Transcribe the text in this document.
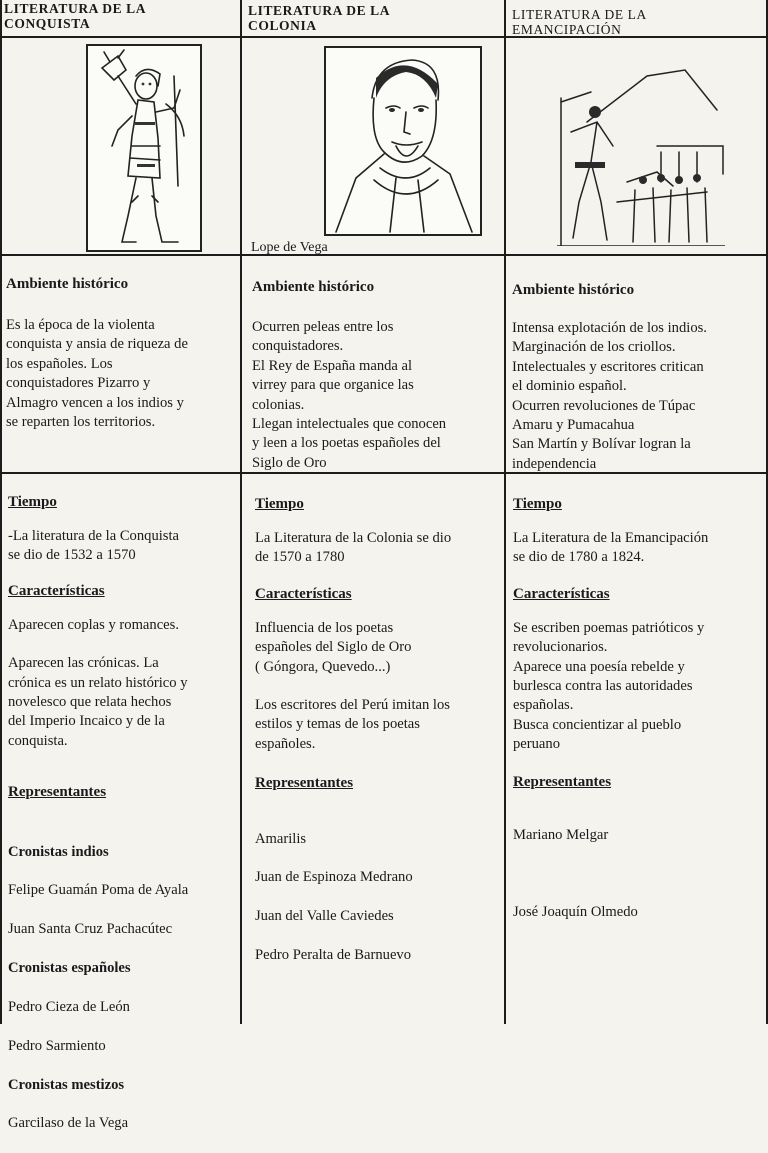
LITERATURA DE LA
CONQUISTA
LITERATURA DE LA
COLONIA
LITERATURA DE LA
EMANCIPACIÓN
Lope de Vega
Ambiente histórico
Es la época de la violenta
conquista y ansia de riqueza de
los españoles. Los
conquistadores Pizarro y
Almagro vencen a los indios y
se reparten los territorios.
Ambiente histórico
Ocurren peleas entre los
conquistadores.
El Rey de España manda al
virrey para que organice las
colonias.
Llegan intelectuales que conocen
y leen a los poetas españoles del
Siglo de Oro
Ambiente histórico
Intensa explotación de los indios.
Marginación de los criollos.
Intelectuales y escritores critican
el dominio español.
Ocurren revoluciones de Túpac
Amaru y Pumacahua
San Martín y Bolívar logran la
independencia
Tiempo
-La literatura de la Conquista
se dio de 1532 a 1570
Características
Aparecen coplas y romances.
Aparecen las crónicas. La
crónica es un relato histórico y
novelesco que relata hechos
del Imperio Incaico y de la
conquista.
Representantes

Cronistas indios

Felipe Guamán Poma de Ayala

Juan Santa Cruz Pachacútec

Cronistas españoles

Pedro Cieza de León

Pedro Sarmiento

Cronistas mestizos

Garcilaso de la Vega

Tiempo
La Literatura de la Colonia se dio
de 1570 a 1780
Características
Influencia de los poetas
españoles del Siglo de Oro
( Góngora, Quevedo...)
Los escritores del Perú imitan los
estilos y temas de los poetas
españoles.
Representantes

Amarilis

Juan de Espinoza Medrano

Juan del Valle Caviedes

Pedro Peralta de Barnuevo

Tiempo
La Literatura de la Emancipación
se dio de 1780 a 1824.
Características
Se escriben poemas patrióticos y
revolucionarios.
Aparece una poesía rebelde y
burlesca contra las autoridades
españolas.
Busca concientizar al pueblo
peruano
Representantes

Mariano Melgar

José Joaquín Olmedo
